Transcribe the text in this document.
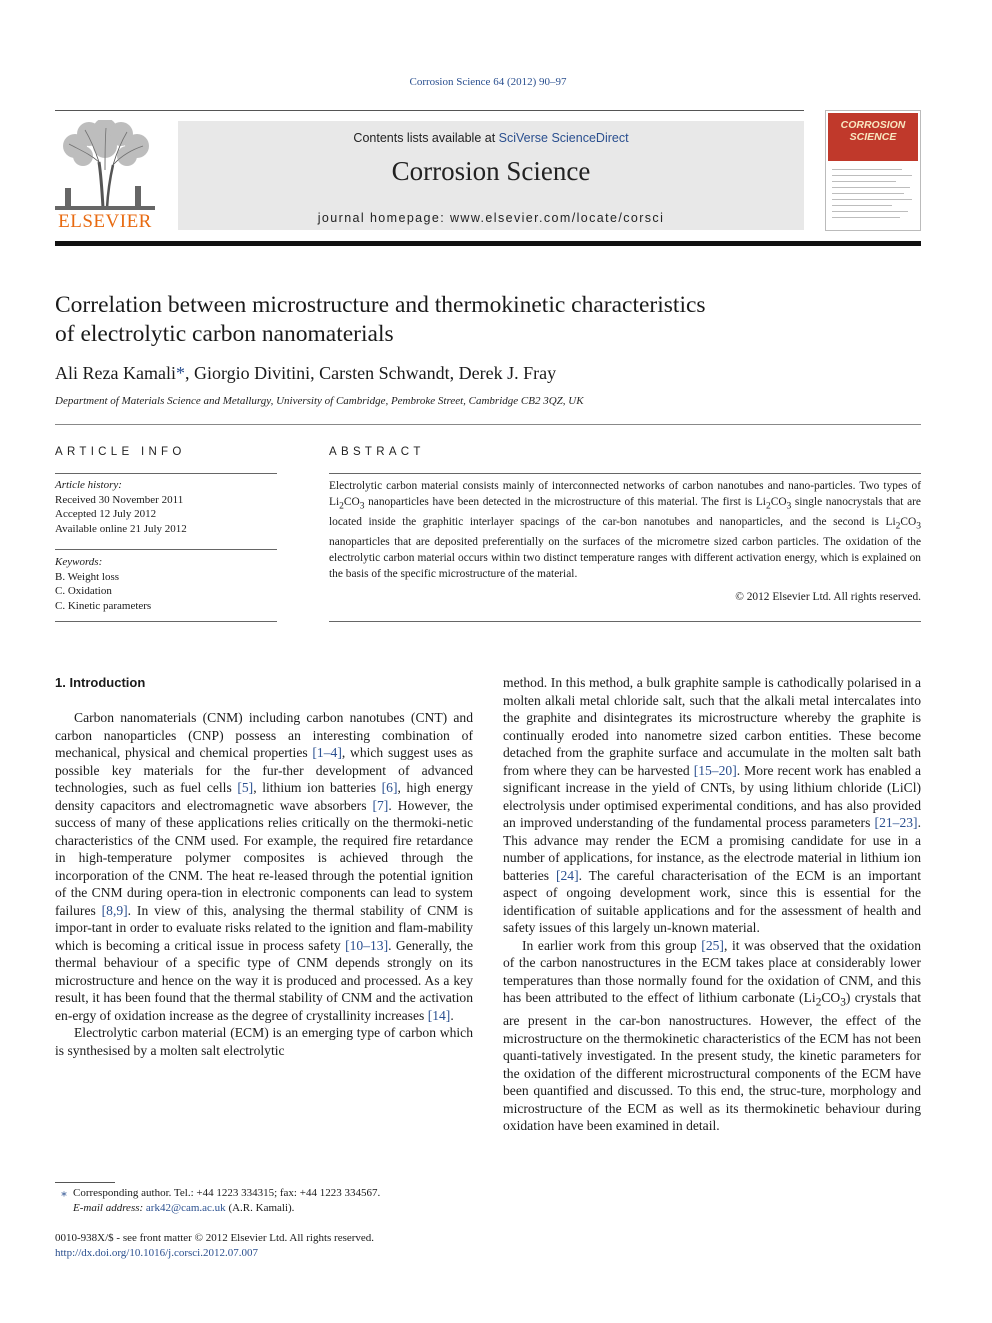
Corrosion Science 64 (2012) 90–97
ELSEVIER
Contents lists available at SciVerse ScienceDirect
Corrosion Science
journal homepage: www.elsevier.com/locate/corsci
CORROSION
SCIENCE
Correlation between microstructure and thermokinetic characteristics
of electrolytic carbon nanomaterials
Ali Reza Kamali*, Giorgio Divitini, Carsten Schwandt, Derek J. Fray
Department of Materials Science and Metallurgy, University of Cambridge, Pembroke Street, Cambridge CB2 3QZ, UK
ARTICLE INFO
Article history:
Received 30 November 2011
Accepted 12 July 2012
Available online 21 July 2012
Keywords:
B. Weight loss
C. Oxidation
C. Kinetic parameters
ABSTRACT
Electrolytic carbon material consists mainly of interconnected networks of carbon nanotubes and nano-particles. Two types of $Li_2CO_3$ nanoparticles have been detected in the microstructure of this material. The first is $Li_2CO_3$ single nanocrystals that are located inside the graphitic interlayer spacings of the car-bon nanotubes and nanoparticles, and the second is $Li_2CO_3$ nanoparticles that are deposited preferentially on the surfaces of the micrometre sized carbon particles. The oxidation of the electrolytic carbon material occurs within two distinct temperature ranges with different activation energy, which is explained on the basis of the specific microstructure of the material.
© 2012 Elsevier Ltd. All rights reserved.
1. Introduction

Carbon nanomaterials (CNM) including carbon nanotubes (CNT) and carbon nanoparticles (CNP) possess an interesting combination of mechanical, physical and chemical properties [1–4], which suggest uses as possible key materials for the fur-ther development of advanced technologies, such as fuel cells [5], lithium ion batteries [6], high energy density capacitors and electromagnetic wave absorbers [7]. However, the success of many of these applications relies critically on the thermoki-netic characteristics of the CNM used. For example, the required fire retardance in high-temperature polymer composites is achieved through the incorporation of the CNM. The heat re-leased through the potential ignition of the CNM during opera-tion in electronic components can lead to system failures [8,9]. In view of this, analysing the thermal stability of CNM is impor-tant in order to evaluate risks related to the ignition and flam-mability which is becoming a critical issue in process safety [10–13]. Generally, the thermal behaviour of a specific type of CNM depends strongly on its microstructure and hence on the way it is produced and processed. As a key result, it has been found that the thermal stability of CNM and the activation en-ergy of oxidation increase as the degree of crystallinity increases [14].

Electrolytic carbon material (ECM) is an emerging type of carbon which is synthesised by a molten salt electrolytic

method. In this method, a bulk graphite sample is cathodically polarised in a molten alkali metal chloride salt, such that the alkali metal intercalates into the graphite and disintegrates its microstructure whereby the graphite is continually eroded into nanometre sized carbon entities. These become detached from the graphite surface and accumulate in the molten salt bath from where they can be harvested [15–20]. More recent work has enabled a significant increase in the yield of CNTs, by using lithium chloride (LiCl) electrolysis under optimised experimental conditions, and has also provided an improved understanding of the fundamental process parameters [21–23]. This advance may render the ECM a promising candidate for use in a number of applications, for instance, as the electrode material in lithium ion batteries [24]. The careful characterisation of the ECM is an important aspect of ongoing development work, since this is essential for the identification of suitable applications and for the assessment of health and safety issues of this largely un-known material.

In earlier work from this group [25], it was observed that the oxidation of the carbon nanostructures in the ECM takes place at considerably lower temperatures than those normally found for the oxidation of CNM, and this has been attributed to the effect of lithium carbonate $(Li_2CO_3)$ crystals that are present in the car-bon nanostructures. However, the effect of the microstructure on the thermokinetic characteristics of the ECM has not been quanti-tatively investigated. In the present study, the kinetic parameters for the oxidation of the different microstructural components of the ECM have been quantified and discussed. To this end, the struc-ture, morphology and microstructure of the ECM as well as its thermokinetic behaviour during oxidation have been examined in detail.

⁎ Corresponding author. Tel.: +44 1223 334315; fax: +44 1223 334567.
E-mail address: ark42@cam.ac.uk (A.R. Kamali).
0010-938X/$ - see front matter © 2012 Elsevier Ltd. All rights reserved.
http://dx.doi.org/10.1016/j.corsci.2012.07.007
